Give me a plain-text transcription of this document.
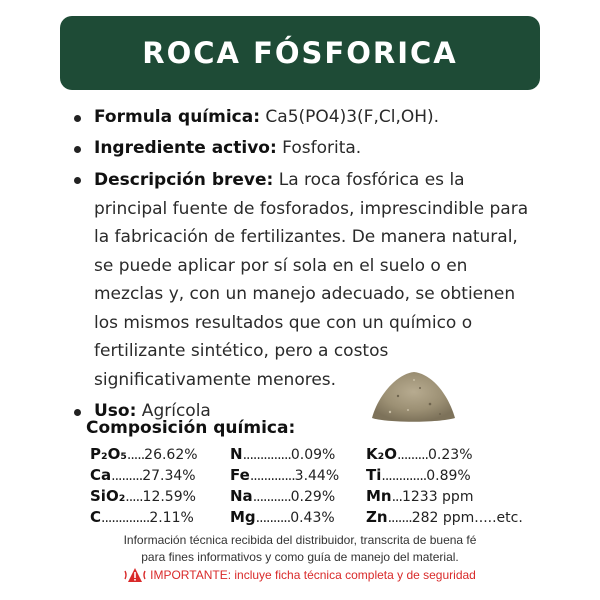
ROCA FÓSFORICA
Formula química: Ca5(PO4)3(F,Cl,OH).
Ingrediente activo: Fosforita.
Descripción breve: La roca fosfórica es la principal fuente de fosforados, imprescindible para la fabricación de fertilizantes. De manera natural, se puede aplicar por sí sola en el suelo o en mezclas y, con un manejo adecuado, se obtienen los mismos resultados que con un químico o fertilizante sintético, pero a costos significativamente menores.
Uso: Agrícola
Composición química:
P₂O₅.....26.62%
Ca.........27.34%
SiO₂.....12.59%
C..............2.11%
N..............0.09%
Fe.............3.44%
Na...........0.29%
Mg..........0.43%
K₂O.........0.23%
Ti.............0.89%
Mn...1233 ppm
Zn.......282 ppm.....etc.
Información técnica recibida del distribuidor, transcrita de buena fé
para fines informativos y como guía de manejo del material.
IMPORTANTE: incluye ficha técnica completa y de seguridad
